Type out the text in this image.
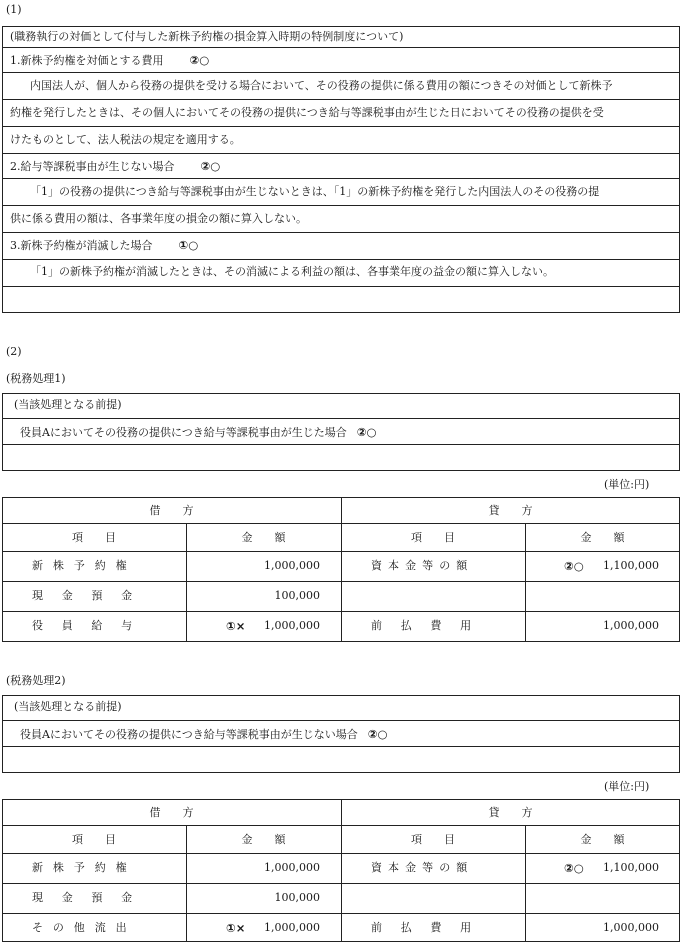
(1)
(職務執行の対価として付与した新株予約権の損金算入時期の特例制度について)
1.新株予約権を対価とする費用 ②○
内国法人が、個人から役務の提供を受ける場合において、その役務の提供に係る費用の額につきその対価として新株予
約権を発行したときは、その個人においてその役務の提供につき給与等課税事由が生じた日においてその役務の提供を受
けたものとして、法人税法の規定を適用する。
2.給与等課税事由が生じない場合 ②○
「1」の役務の提供につき給与等課税事由が生じないときは、「1」の新株予約権を発行した内国法人のその役務の提
供に係る費用の額は、各事業年度の損金の額に算入しない。
3.新株予約権が消滅した場合 ①○
「1」の新株予約権が消滅したときは、その消滅による利益の額は、各事業年度の益金の額に算入しない。
(2)
(税務処理1)
(当該処理となる前提)
役員Aにおいてその役務の提供につき給与等課税事由が生じた場合 ②○
(単位:円)
借　　方	貸　　方
項　　目	金　　額	項　　目	金　　額
新株予約権	1,000,000	資本金等の額	②○	1,100,000
現金預金	100,000
役員給与	①×	1,000,000	前払費用	1,000,000
(税務処理2)
(当該処理となる前提)
役員Aにおいてその役務の提供につき給与等課税事由が生じない場合 ②○
(単位:円)
借　　方	貸　　方
項　　目	金　　額	項　　目	金　　額
新株予約権	1,000,000	資本金等の額	②○	1,100,000
現金預金	100,000
その他流出	①×	1,000,000	前払費用	1,000,000
